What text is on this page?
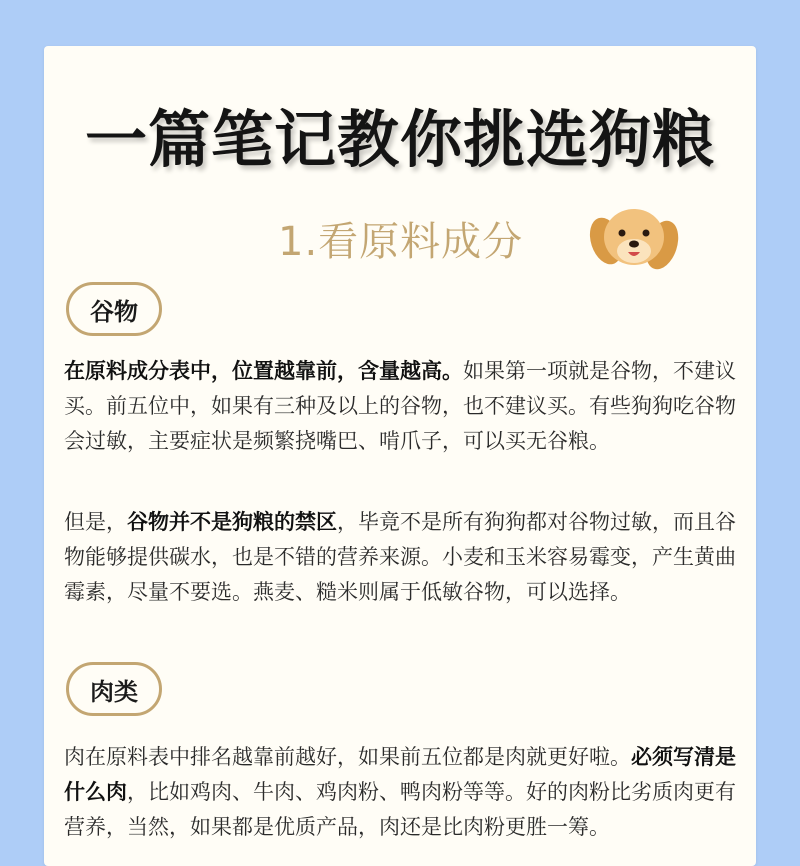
一篇笔记教你挑选狗粮
1.看原料成分
谷物
在原料成分表中，位置越靠前，含量越高。如果第一项就是谷物，不建议买。前五位中，如果有三种及以上的谷物，也不建议买。有些狗狗吃谷物会过敏，主要症状是频繁挠嘴巴、啃爪子，可以买无谷粮。
但是，谷物并不是狗粮的禁区，毕竟不是所有狗狗都对谷物过敏，而且谷物能够提供碳水，也是不错的营养来源。小麦和玉米容易霉变，产生黄曲霉素，尽量不要选。燕麦、糙米则属于低敏谷物，可以选择。
肉类
肉在原料表中排名越靠前越好，如果前五位都是肉就更好啦。必须写清是什么肉，比如鸡肉、牛肉、鸡肉粉、鸭肉粉等等。好的肉粉比劣质肉更有营养，当然，如果都是优质产品，肉还是比肉粉更胜一筹。
